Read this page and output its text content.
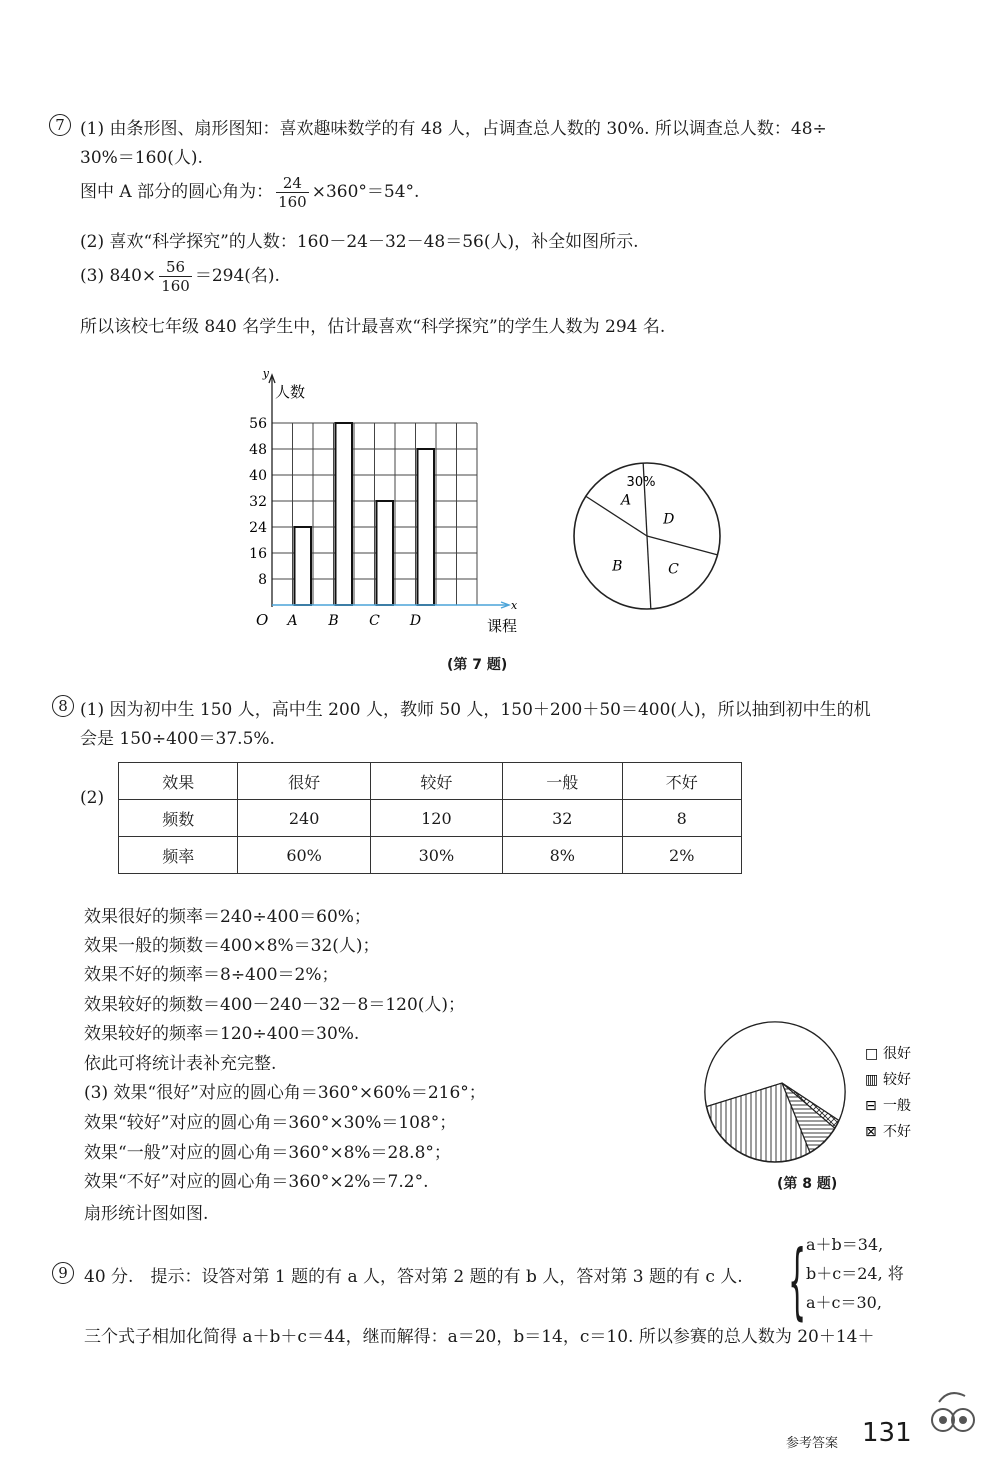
7 (1) 由条形图、扇形图知：喜欢趣味数学的有 48 人，占调查总人数的 30%. 所以调查总人数：48÷
30%＝160(人).
图中 A 部分的圆心角为： $\frac{24}{160} \times 360^\circ=54^\circ$.
(2) 喜欢“科学探究”的人数：160－24－32－48＝56(人)，补全如图所示.
(3) $840\times \frac{56}{160} =294$(名).
所以该校七年级 840 名学生中，估计最喜欢“科学探究”的学生人数为 294 名.
8
16
24
32
40
48
56
A B C D
y
人数
x
课程
O
A
D
C
B
30%
(第 7 题)
8 (1) 因为初中生 150 人，高中生 200 人，教师 50 人，150＋200＋50＝400(人)，所以抽到初中生的机
会是 150÷400＝37.5%.
(2)
效果	很好	较好	一般	不好
频数	240	120	32	8
频率	60%	30%	8%	2%
效果很好的频率＝240÷400＝60%；
效果一般的频数＝400×8%＝32(人)；
效果不好的频率＝8÷400＝2%；
效果较好的频数＝400－240－32－8＝120(人)；
效果较好的频率＝120÷400＝30%.
依此可将统计表补充完整.
(3) 效果“很好”对应的圆心角＝360°×60%＝216°；
效果“较好”对应的圆心角＝360°×30%＝108°；
效果“一般”对应的圆心角＝360°×8%＝28.8°；
效果“不好”对应的圆心角＝360°×2%＝7.2°.
扇形统计图如图.
□ 很好
▥ 较好
⊟ 一般
⊠ 不好
(第 8 题)
9 40 分.　提示：设答对第 1 题的有 a 人，答对第 2 题的有 b 人，答对第 3 题的有 c 人. { a＋b＝34,
b＋c＝24, 将
a＋c＝30,
三个式子相加化简得 a＋b＋c＝44，继而解得：a＝20，b＝14，c＝10. 所以参赛的总人数为 20＋14＋
参考答案 131
